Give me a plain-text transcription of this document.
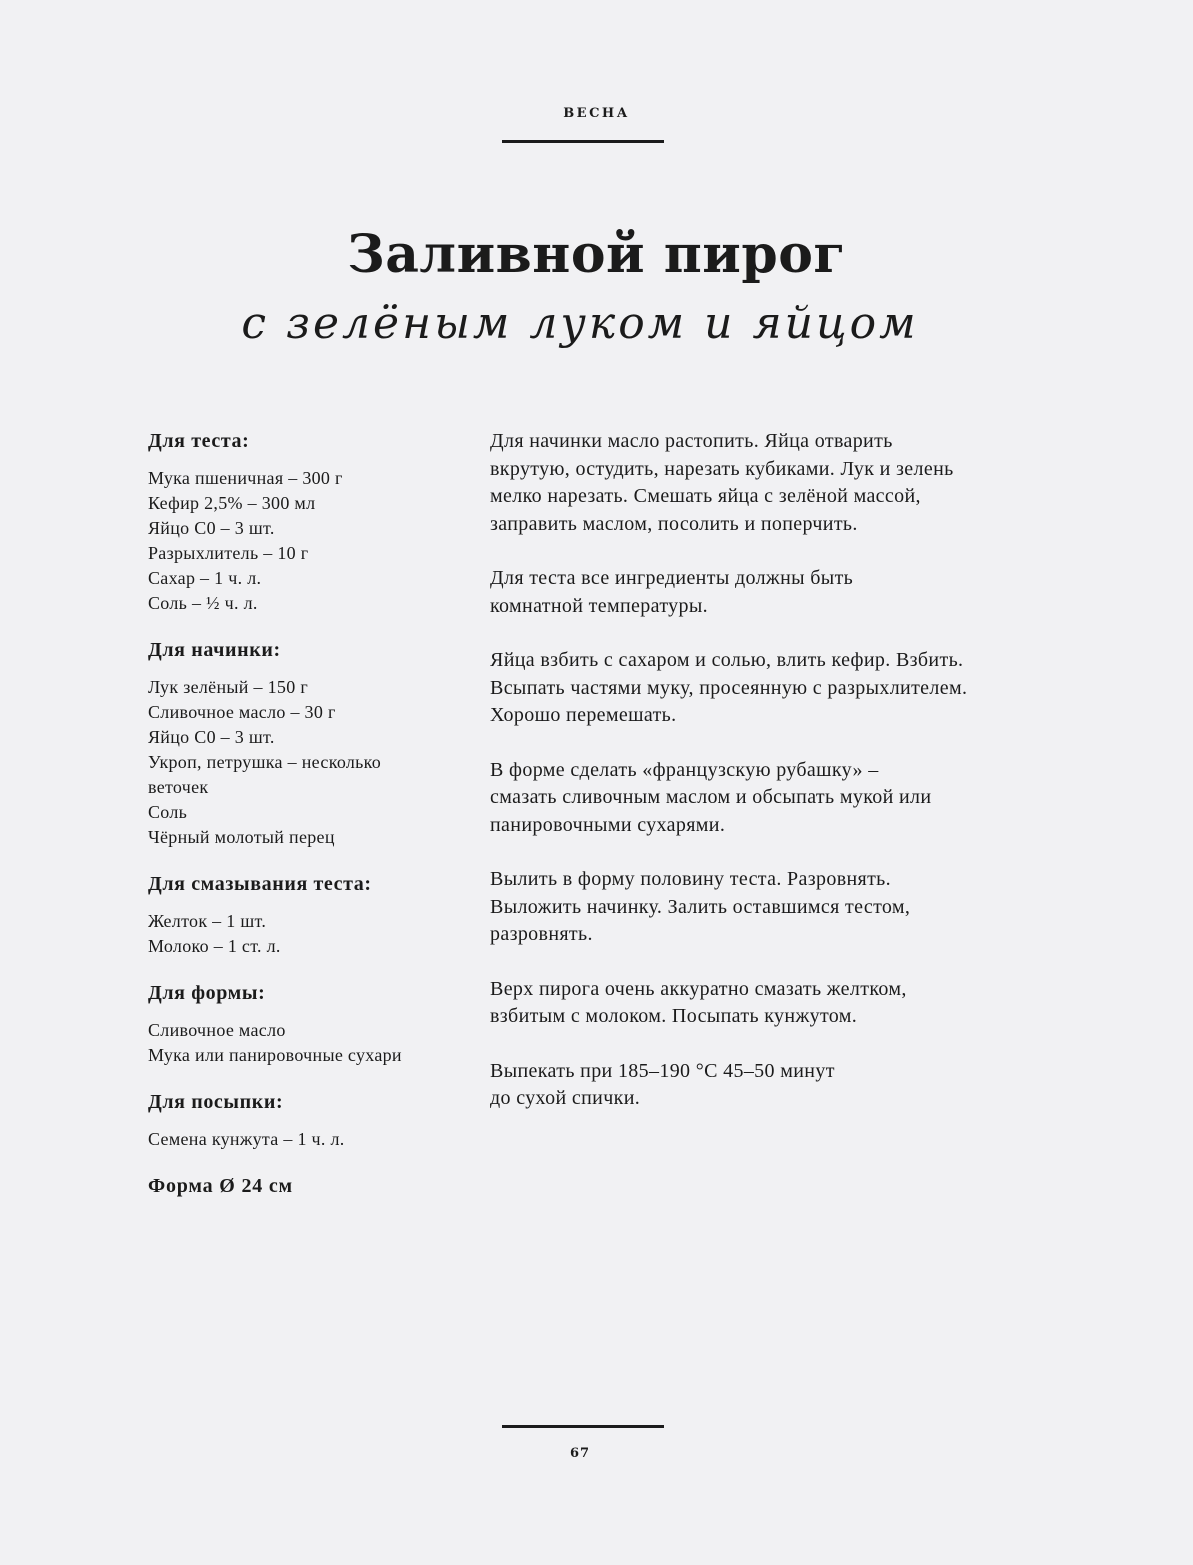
ВЕСНА
Заливной пирог
с зелёным луком и яйцом
Для теста:
Мука пшеничная – 300 г
Кефир 2,5% – 300 мл
Яйцо С0 – 3 шт.
Разрыхлитель – 10 г
Сахар – 1 ч. л.
Соль – ½ ч. л.
Для начинки:
Лук зелёный – 150 г
Сливочное масло – 30 г
Яйцо С0 – 3 шт.
Укроп, петрушка – несколько
веточек
Соль
Чёрный молотый перец
Для смазывания теста:
Желток – 1 шт.
Молоко – 1 ст. л.
Для формы:
Сливочное масло
Мука или панировочные сухари
Для посыпки:
Семена кунжута – 1 ч. л.
Форма Ø 24 см

Для начинки масло растопить. Яйца отварить
вкрутую, остудить, нарезать кубиками. Лук и зелень
мелко нарезать. Смешать яйца с зелёной массой,
заправить маслом, посолить и поперчить.

Для теста все ингредиенты должны быть
комнатной температуры.

Яйца взбить с сахаром и солью, влить кефир. Взбить.
Всыпать частями муку, просеянную с разрыхлителем.
Хорошо перемешать.

В форме сделать «французскую рубашку» –
смазать сливочным маслом и обсыпать мукой или
панировочными сухарями.

Вылить в форму половину теста. Разровнять.
Выложить начинку. Залить оставшимся тестом,
разровнять.

Верх пирога очень аккуратно смазать желтком,
взбитым с молоком. Посыпать кунжутом.

Выпекать при 185–190 °C 45–50 минут
до сухой спички.

67
